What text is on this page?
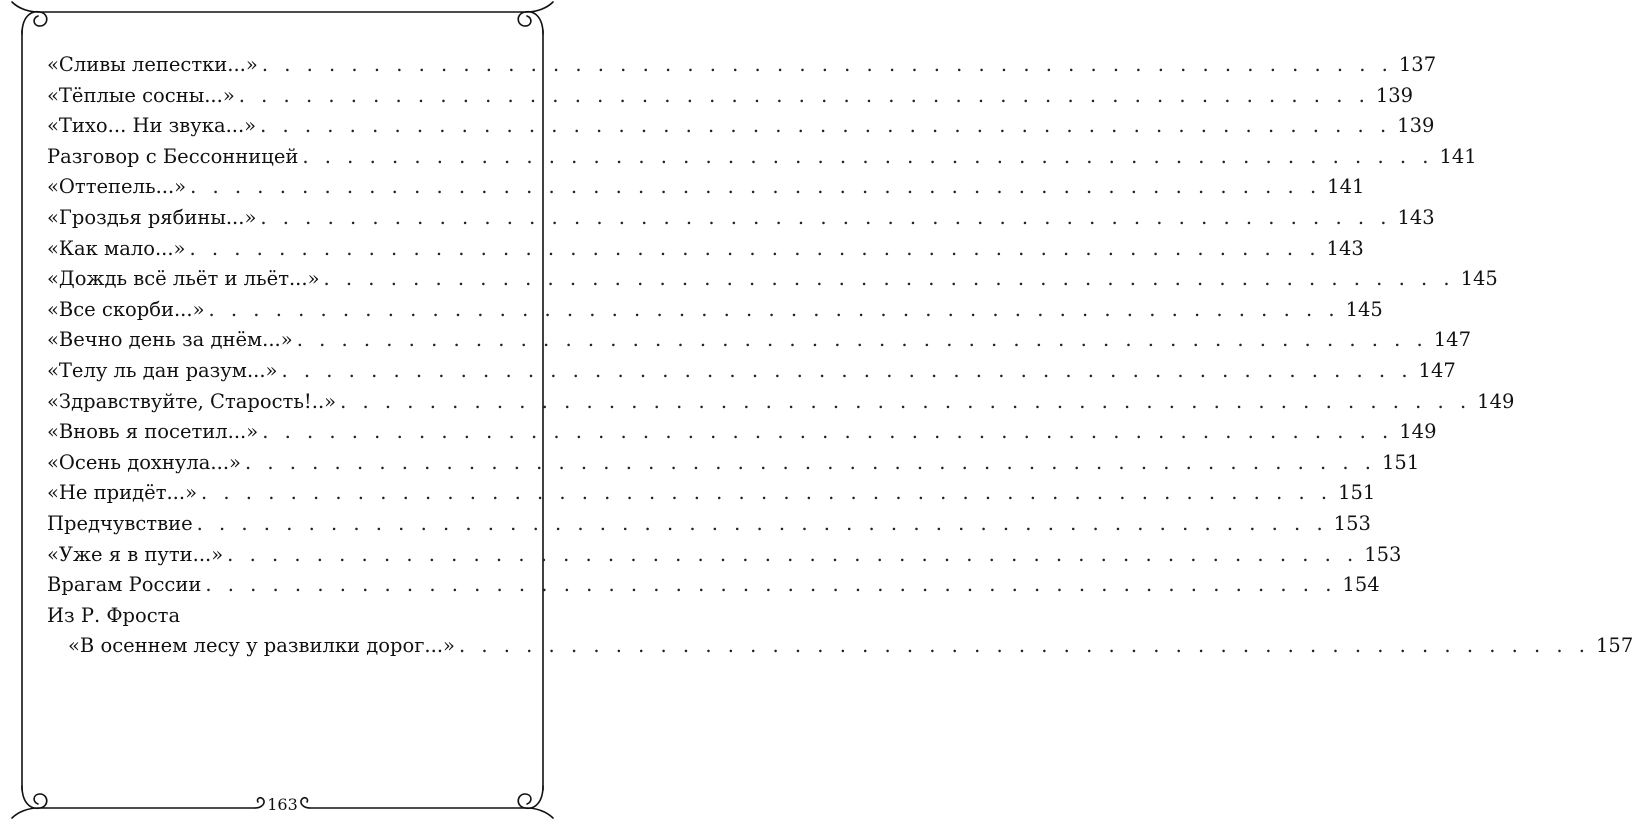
«Сливы лепестки...» . . . . . . . . . . . . . . . . . . . . . . . . . . . . . . . . . . . . . . . . . . . . . . . . . . . 137
«Тёплые сосны...» . . . . . . . . . . . . . . . . . . . . . . . . . . . . . . . . . . . . . . . . . . . . . . . . . . . 139
«Тихо... Ни звука...» . . . . . . . . . . . . . . . . . . . . . . . . . . . . . . . . . . . . . . . . . . . . . . . . . . . 139
Разговор с Бессонницей . . . . . . . . . . . . . . . . . . . . . . . . . . . . . . . . . . . . . . . . . . . . . . . . . . . 141
«Оттепель...» . . . . . . . . . . . . . . . . . . . . . . . . . . . . . . . . . . . . . . . . . . . . . . . . . . . 141
«Гроздья рябины...» . . . . . . . . . . . . . . . . . . . . . . . . . . . . . . . . . . . . . . . . . . . . . . . . . . . 143
«Как мало...» . . . . . . . . . . . . . . . . . . . . . . . . . . . . . . . . . . . . . . . . . . . . . . . . . . . 143
«Дождь всё льёт и льёт...» . . . . . . . . . . . . . . . . . . . . . . . . . . . . . . . . . . . . . . . . . . . . . . . . . . . 145
«Все скорби...» . . . . . . . . . . . . . . . . . . . . . . . . . . . . . . . . . . . . . . . . . . . . . . . . . . . 145
«Вечно день за днём...» . . . . . . . . . . . . . . . . . . . . . . . . . . . . . . . . . . . . . . . . . . . . . . . . . . . 147
«Телу ль дан разум...» . . . . . . . . . . . . . . . . . . . . . . . . . . . . . . . . . . . . . . . . . . . . . . . . . . . 147
«Здравствуйте, Старость!..» . . . . . . . . . . . . . . . . . . . . . . . . . . . . . . . . . . . . . . . . . . . . . . . . . . . 149
«Вновь я посетил...» . . . . . . . . . . . . . . . . . . . . . . . . . . . . . . . . . . . . . . . . . . . . . . . . . . . 149
«Осень дохнула...» . . . . . . . . . . . . . . . . . . . . . . . . . . . . . . . . . . . . . . . . . . . . . . . . . . . 151
«Не придёт...» . . . . . . . . . . . . . . . . . . . . . . . . . . . . . . . . . . . . . . . . . . . . . . . . . . . 151
Предчувствие . . . . . . . . . . . . . . . . . . . . . . . . . . . . . . . . . . . . . . . . . . . . . . . . . . . 153
«Уже я в пути...» . . . . . . . . . . . . . . . . . . . . . . . . . . . . . . . . . . . . . . . . . . . . . . . . . . . 153
Врагам России . . . . . . . . . . . . . . . . . . . . . . . . . . . . . . . . . . . . . . . . . . . . . . . . . . . 154
Из Р. Фроста
«В осеннем лесу у развилки дорог...» . . . . . . . . . . . . . . . . . . . . . . . . . . . . . . . . . . . . . . . . . . . . . . . . . . . 157
163
